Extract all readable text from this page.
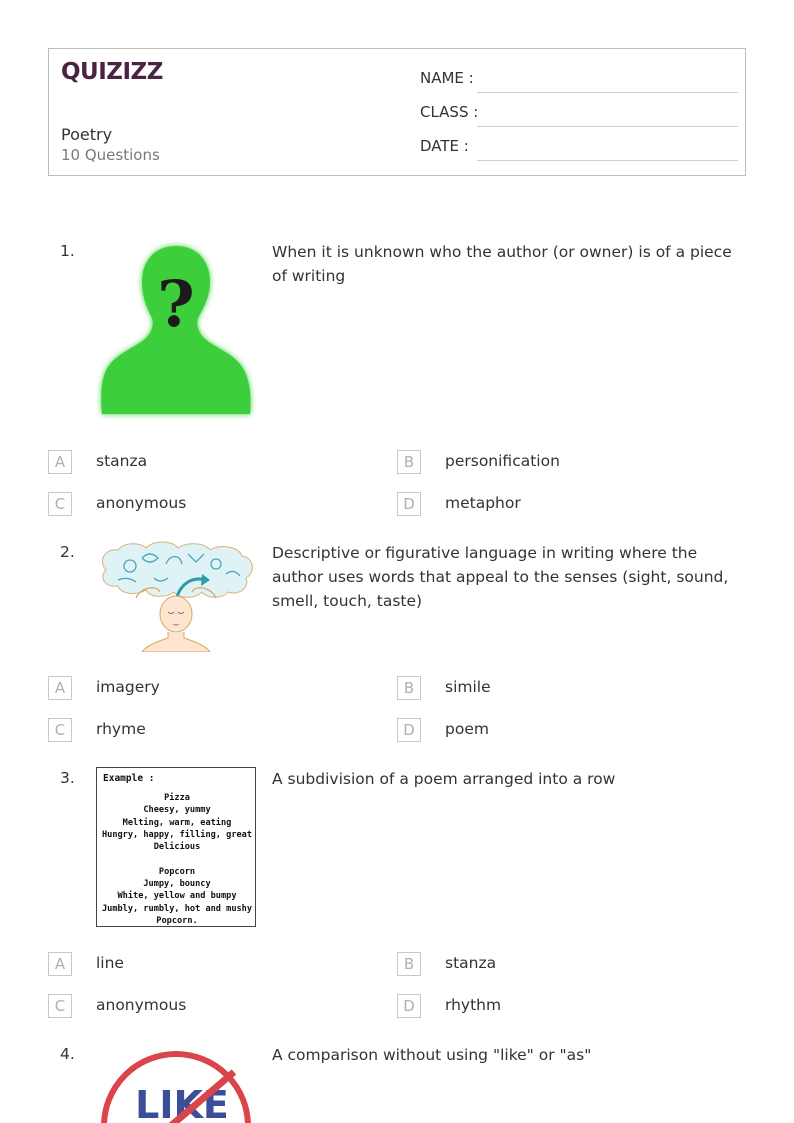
QUIZIZZ
Poetry
10 Questions
NAME :
CLASS :
DATE :
1.
?
When it is unknown who the author (or owner) is of a piece of writing
A	stanza	B	personification
C	anonymous	D	metaphor
2.	Descriptive or figurative language in writing where the author uses words that appeal to the senses (sight, sound, smell, touch, taste)
A	imagery	B	simile
C	rhyme	D	poem
3.	Example :
Pizza
Cheesy, yummy
Melting, warm, eating
Hungry, happy, filling, great
Delicious

Popcorn
Jumpy, bouncy
White, yellow and bumpy
Jumbly, rumbly, hot and mushy
Popcorn.
A subdivision of a poem arranged into a row
A	line	B	stanza
C	anonymous	D	rhythm
4.
LIKE
A comparison without using "like" or "as"
